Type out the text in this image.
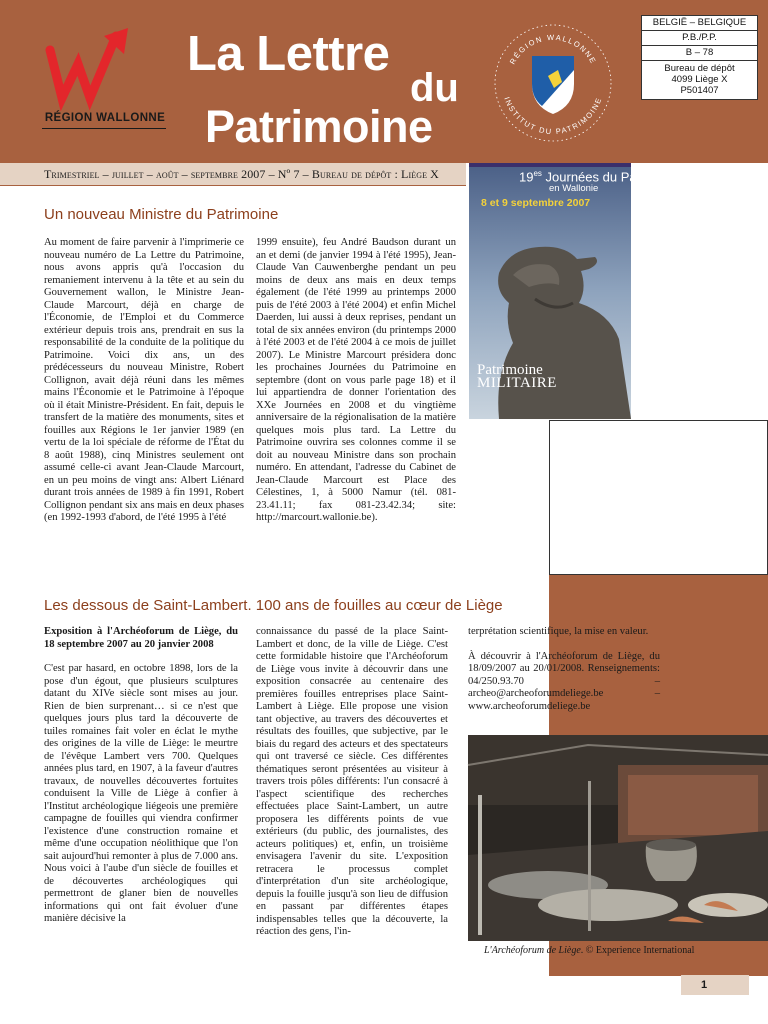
RÉGION WALLONNE
La Lettre
du
Patrimoine
RÉGION WALLONNE
INSTITUT DU PATRIMOINE
BELGIË – BELGIQUE
P.B./P.P.
B – 78
Bureau de dépôt
4099 Liège X
P501407
Trimestriel – juillet – août – septembre 2007 – Nº 7 – Bureau de dépôt : Liège X	$19^{es}$ Journées du Patrimoine
en Wallonie
8 et 9 septembre 2007
Patrimoine
MILITAIRE
Un nouveau Ministre du Patrimoine
Au moment de faire parvenir à l'imprimerie ce nouveau numéro de La Lettre du Patrimoine, nous avons appris qu'à l'occasion du remaniement intervenu à la tête et au sein du Gouvernement wallon, le Ministre Jean-Claude Marcourt, déjà en charge de l'Économie, de l'Emploi et du Commerce extérieur depuis trois ans, prendrait en sus la responsabilité de la conduite de la politique du Patrimoine. Voici dix ans, un des prédécesseurs du nouveau Ministre, Robert Collignon, avait déjà réuni dans les mêmes mains l'Économie et le Patrimoine à l'époque où il était Ministre-Président. En fait, depuis le transfert de la matière des monuments, sites et fouilles aux Régions le 1er janvier 1989 (en vertu de la loi spéciale de réforme de l'État du 8 août 1988), cinq Ministres seulement ont assumé celle-ci avant Jean-Claude Marcourt, en un peu moins de vingt ans: Albert Liénard durant trois années de 1989 à fin 1991, Robert Collignon pendant six ans mais en deux phases (en 1992-1993 d'abord, de l'été 1995 à l'été
1999 ensuite), feu André Baudson durant un an et demi (de janvier 1994 à l'été 1995), Jean-Claude Van Cauwenberghe pendant un peu moins de deux ans mais en deux temps également (de l'été 1999 au printemps 2000 puis de l'été 2003 à l'été 2004) et enfin Michel Daerden, lui aussi à deux reprises, pendant un total de six années environ (du printemps 2000 à l'été 2003 et de l'été 2004 à ce mois de juillet 2007). Le Ministre Marcourt présidera donc les prochaines Journées du Patrimoine en septembre (dont on vous parle page 18) et il lui appartiendra de donner l'orientation des XXe Journées en 2008 et du vingtième anniversaire de la régionalisation de la matière quelques mois plus tard. La Lettre du Patrimoine ouvrira ses colonnes comme il se doit au nouveau Ministre dans son prochain numéro. En attendant, l'adresse du Cabinet de Jean-Claude Marcourt est Place des Célestines, 1, à 5000 Namur (tél. 081-23.41.11; fax 081-23.42.34; site: http://marcourt.wallonie.be).
Les dessous de Saint-Lambert. 100 ans de fouilles au cœur de Liège
Exposition à l'Archéoforum de Liège, du 18 septembre 2007 au 20 janvier 2008
C'est par hasard, en octobre 1898, lors de la pose d'un égout, que plusieurs sculptures datant du XIVe siècle sont mises au jour. Rien de bien surprenant… si ce n'est que quelques jours plus tard la découverte de tuiles romaines fait voler en éclat le mythe des origines de la ville de Liège: le meurtre de l'évêque Lambert vers 700. Quelques années plus tard, en 1907, à la faveur d'autres travaux, de nouvelles découvertes fortuites conduisent la Ville de Liège à confier à l'Institut archéologique liégeois une première campagne de fouilles qui viendra confirmer l'existence d'une construction romaine et même d'une occupation néolithique que l'on sait aujourd'hui remonter à plus de 7.000 ans. Nous voici à l'aube d'un siècle de fouilles et de découvertes archéologiques qui permettront de glaner bien de nouvelles informations qui ont fait évoluer d'une manière décisive la
connaissance du passé de la place Saint-Lambert et donc, de la ville de Liège. C'est cette formidable histoire que l'Archéoforum de Liège vous invite à découvrir dans une exposition consacrée au centenaire des premières fouilles entreprises place Saint-Lambert à Liège. Elle propose une vision tant objective, au travers des découvertes et résultats des fouilles, que subjective, par le biais du regard des acteurs et des spectateurs qui ont traversé ce siècle. Ces différentes thématiques seront présentées au visiteur à travers trois pôles différents: l'un consacré à l'aspect scientifique des recherches effectuées place Saint-Lambert, un autre proposera les différents points de vue extérieurs (du public, des journalistes, des acteurs politiques) et, enfin, un troisième envisagera l'avenir du site. L'exposition retracera le processus complet d'interprétation d'un site archéologique, depuis la fouille jusqu'à son lieu de diffusion en passant par différentes étapes indispensables telles que la découverte, la réaction des gens, l'in-

terprétation scientifique, la mise en valeur.

À découvrir à l'Archéoforum de Liège, du 18/09/2007 au 20/01/2008. Renseignements: 04/250.93.70 – archeo@archeoforumdeliege.be – www.archeoforumdeliege.be

L'Archéoforum de Liège. © Experience International
1
